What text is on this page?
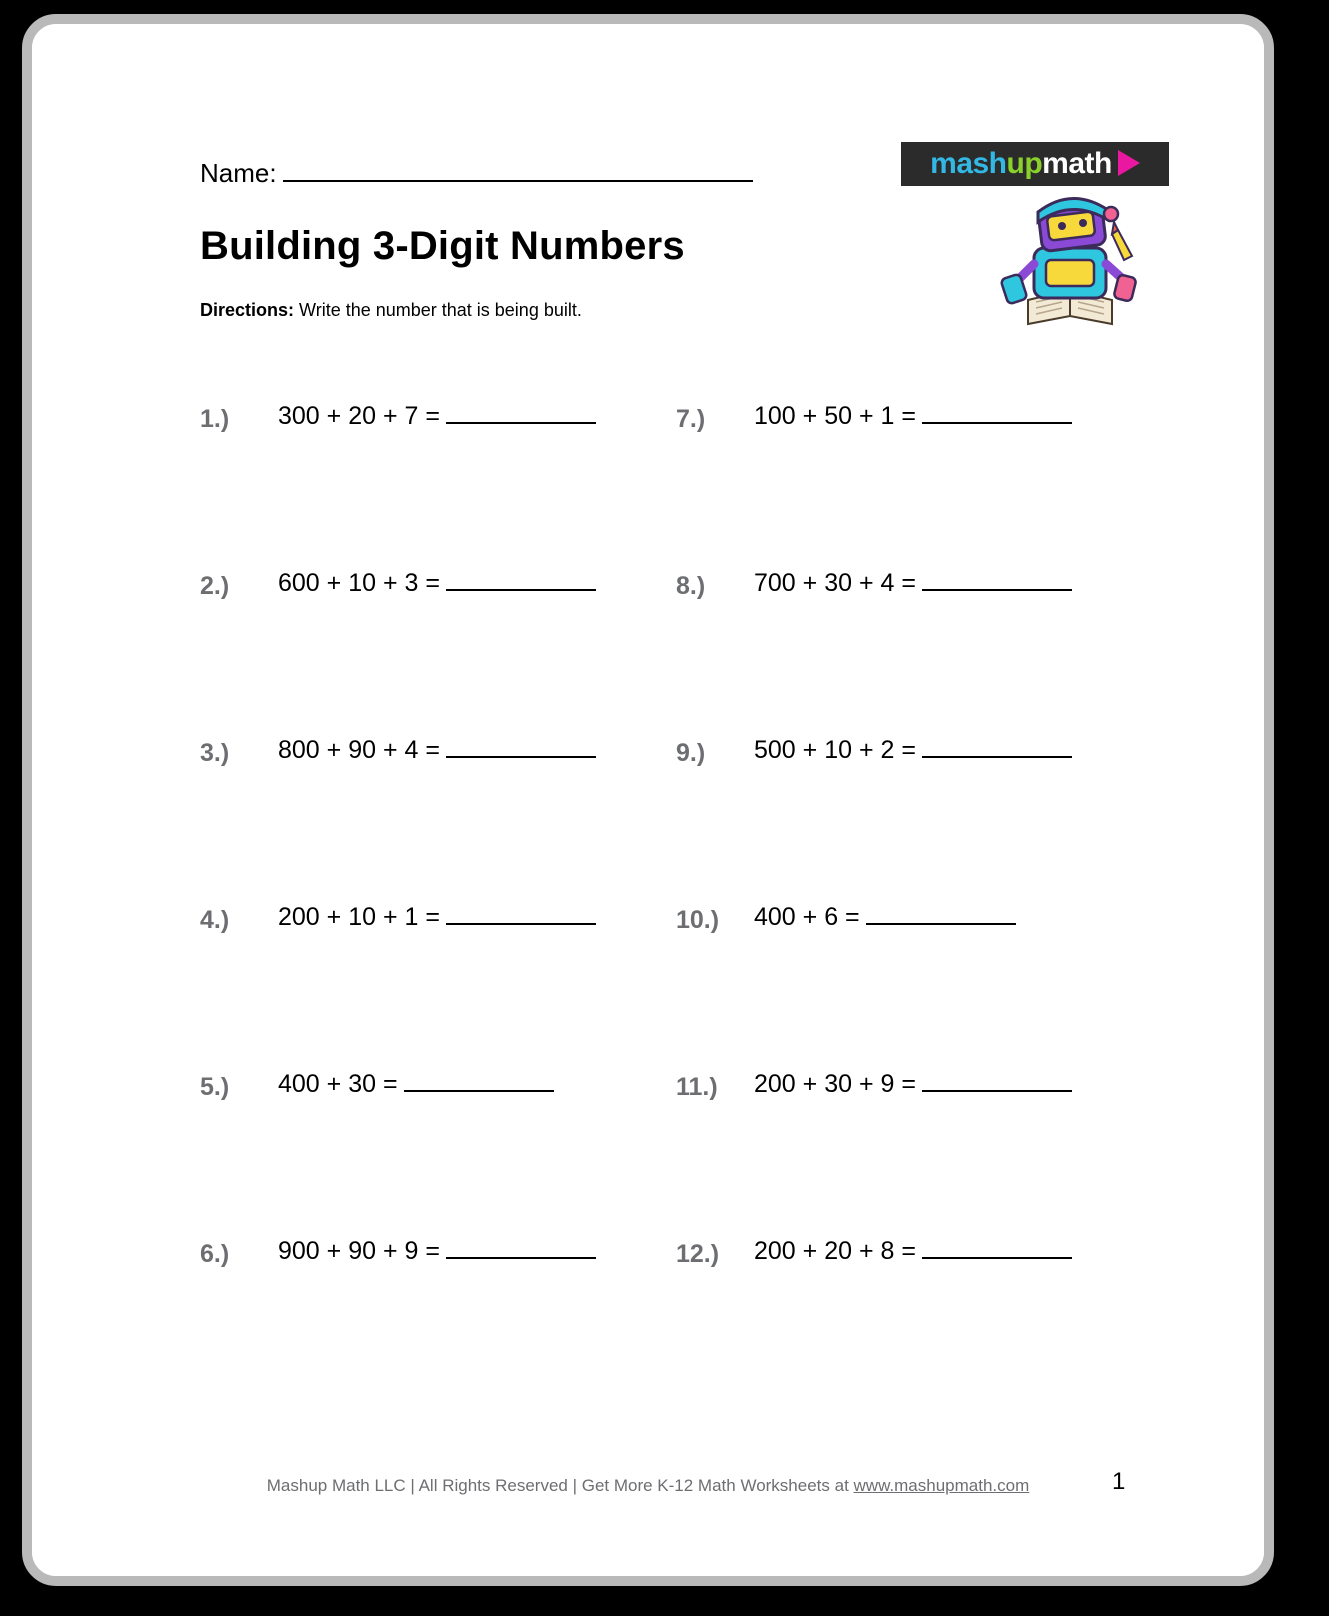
Name:
Building 3-Digit Numbers
Directions: Write the number that is being built.
mashupmath
1.)	300 + 20 + 7 =	7.)	100 + 50 + 1 =
2.)	600 + 10 + 3 =	8.)	700 + 30 + 4 =
3.)	800 + 90 + 4 =	9.)	500 + 10 + 2 =
4.)	200 + 10 + 1 =	10.)	400 + 6 =
5.)	400 + 30 =	11.)	200 + 30 + 9 =
6.)	900 + 90 + 9 =	12.)	200 + 20 + 8 =
Mashup Math LLC | All Rights Reserved | Get More K-12 Math Worksheets at www.mashupmath.com	1
